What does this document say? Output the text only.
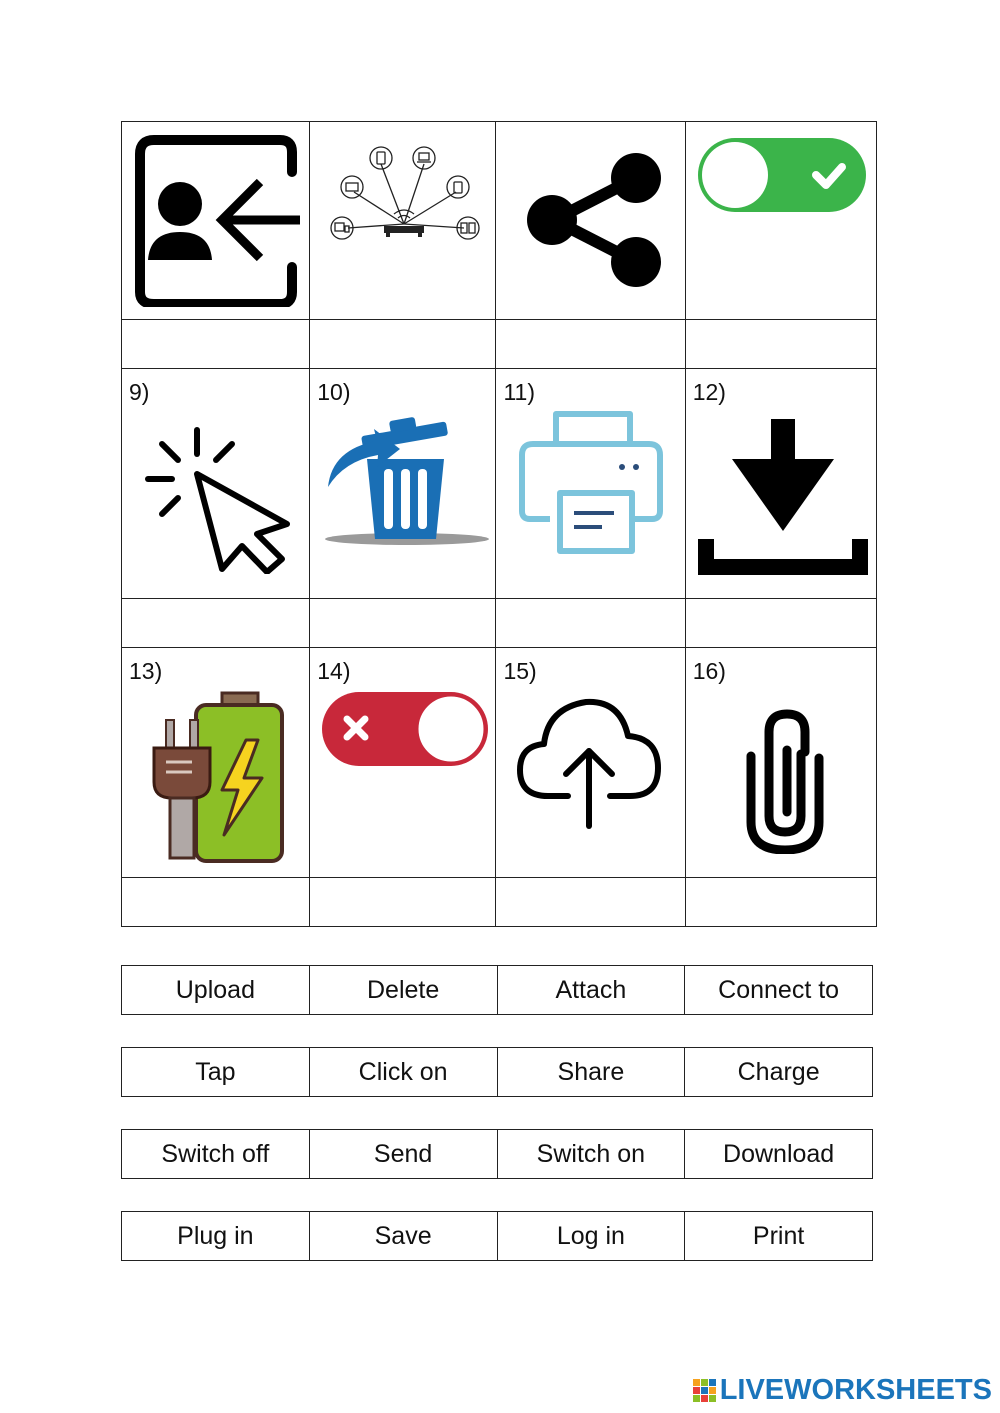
9)	10)	11)	12)

13)	14)	15)	16)

Upload	Delete	Attach	Connect to
Tap	Click on	Share	Charge
Switch off	Send	Switch on	Download
Plug in	Save	Log in	Print
LIVEWORKSHEETS
